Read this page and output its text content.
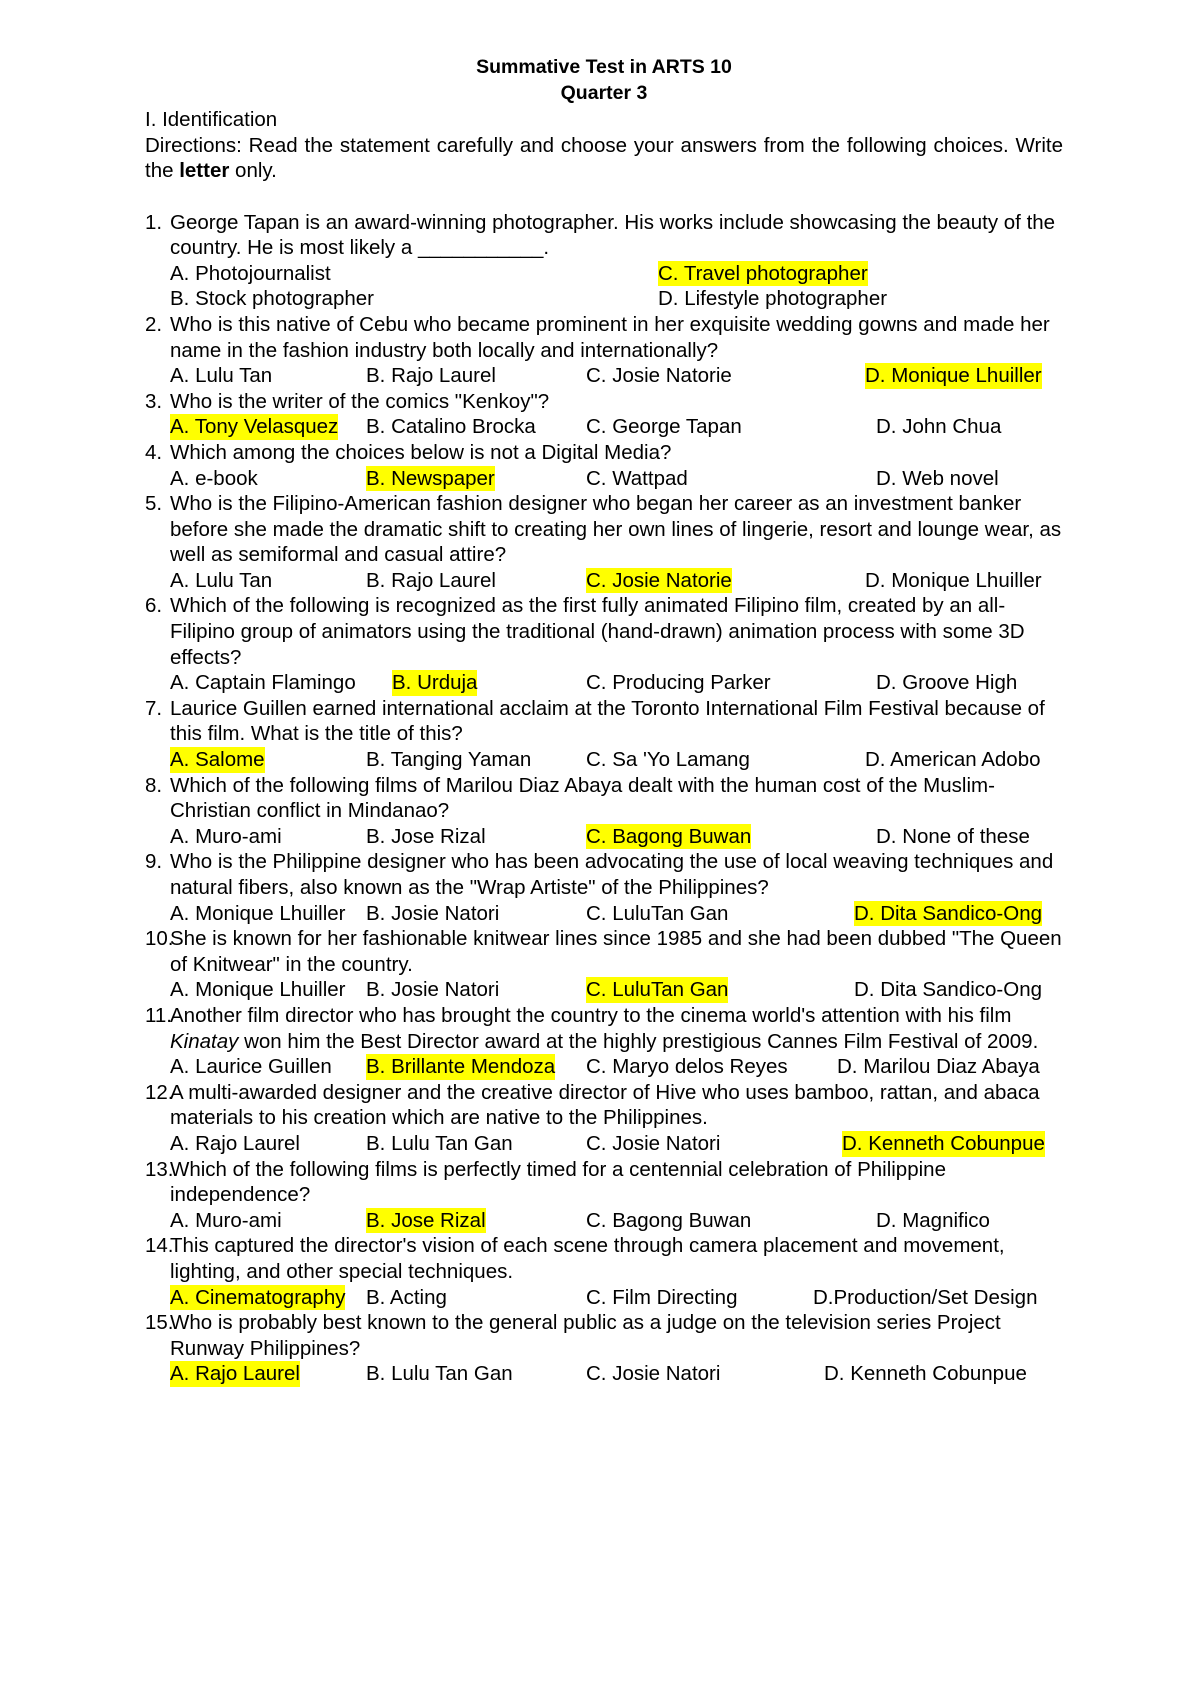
Summative Test in ARTS 10
Quarter 3
I. Identification
Directions: Read the statement carefully and choose your answers from the following choices. Write the letter only.
1. George Tapan is an award-winning photographer. His works include showcasing the beauty of the country. He is most likely a ___________.
A. Photojournalist	C. Travel photographer
B. Stock photographer	D. Lifestyle photographer
2. Who is this native of Cebu who became prominent in her exquisite wedding gowns and made her name in the fashion industry both locally and internationally?
A. Lulu Tan	B. Rajo Laurel	C. Josie Natorie	D. Monique Lhuiller
3. Who is the writer of the comics "Kenkoy"?
A. Tony Velasquez B. Catalino Brocka C. George Tapan	D. John Chua
4. Which among the choices below is not a Digital Media?
A. e-book	B. Newspaper	C. Wattpad	D. Web novel
5. Who is the Filipino-American fashion designer who began her career as an investment banker before she made the dramatic shift to creating her own lines of lingerie, resort and lounge wear, as well as semiformal and casual attire?
A. Lulu Tan	B. Rajo Laurel	C. Josie Natorie	D. Monique Lhuiller
6. Which of the following is recognized as the first fully animated Filipino film, created by an all-Filipino group of animators using the traditional (hand-drawn) animation process with some 3D effects?
A. Captain Flamingo B. Urduja	C. Producing Parker	D. Groove High
7. Laurice Guillen earned international acclaim at the Toronto International Film Festival because of this film. What is the title of this?
A. Salome	B. Tanging Yaman	C. Sa 'Yo Lamang	D. American Adobo
8. Which of the following films of Marilou Diaz Abaya dealt with the human cost of the Muslim-Christian conflict in Mindanao?
A. Muro-ami	B. Jose Rizal	C. Bagong Buwan	D. None of these
9. Who is the Philippine designer who has been advocating the use of local weaving techniques and natural fibers, also known as the "Wrap Artiste" of the Philippines?
A. Monique Lhuiller B. Josie Natori	C. LuluTan Gan	D. Dita Sandico-Ong
10.
She is known for her fashionable knitwear lines since 1985 and she had been dubbed "The Queen of Knitwear" in the country.
A. Monique Lhuiller B. Josie Natori	C. LuluTan Gan	D. Dita Sandico-Ong
11.
Another film director who has brought the country to the cinema world's attention with his film Kinatay won him the Best Director award at the highly prestigious Cannes Film Festival of 2009.
A. Laurice Guillen B. Brillante Mendoza C. Maryo delos Reyes D. Marilou Diaz Abaya
12.
A multi-awarded designer and the creative director of Hive who uses bamboo, rattan, and abaca materials to his creation which are native to the Philippines.
A. Rajo Laurel	B. Lulu Tan Gan	C. Josie Natori	D. Kenneth Cobunpue
13.
Which of the following films is perfectly timed for a centennial celebration of Philippine independence?
A. Muro-ami	B. Jose Rizal	C. Bagong Buwan	D. Magnifico
14.
This captured the director's vision of each scene through camera placement and movement, lighting, and other special techniques.
A. Cinematography B. Acting	C. Film Directing	D.Production/Set Design
15.
Who is probably best known to the general public as a judge on the television series Project Runway Philippines?
A. Rajo Laurel	B. Lulu Tan Gan	C. Josie Natori	D. Kenneth Cobunpue
